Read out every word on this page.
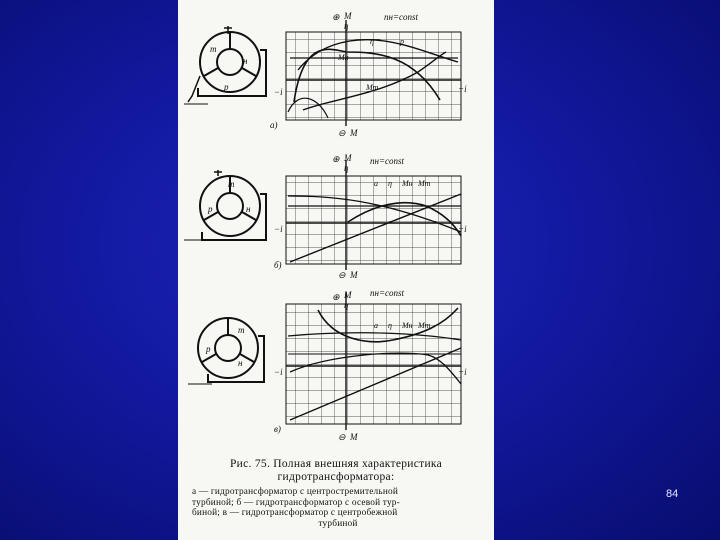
т
н
р
⊕ М
η
nн=const
η	р
Мн
Мт
−i	+i
a)
⊖ М
т
р	н
⊕ М
η
nн=const
а η Мн Мт
−i	+i
б)
⊖ М
т
р
н
⊕ М
η
nн=const
а η Мн Мт
−i	+i
в)
⊖ М
Рис. 75. Полная внешняя характеристика
гидротрансформатора:
а — гидротрансформатор с центростремительной
турбиной; б — гидротрансформатор с осевой тур-
биной; в — гидротрансформатор с центробежной
турбиной
84
